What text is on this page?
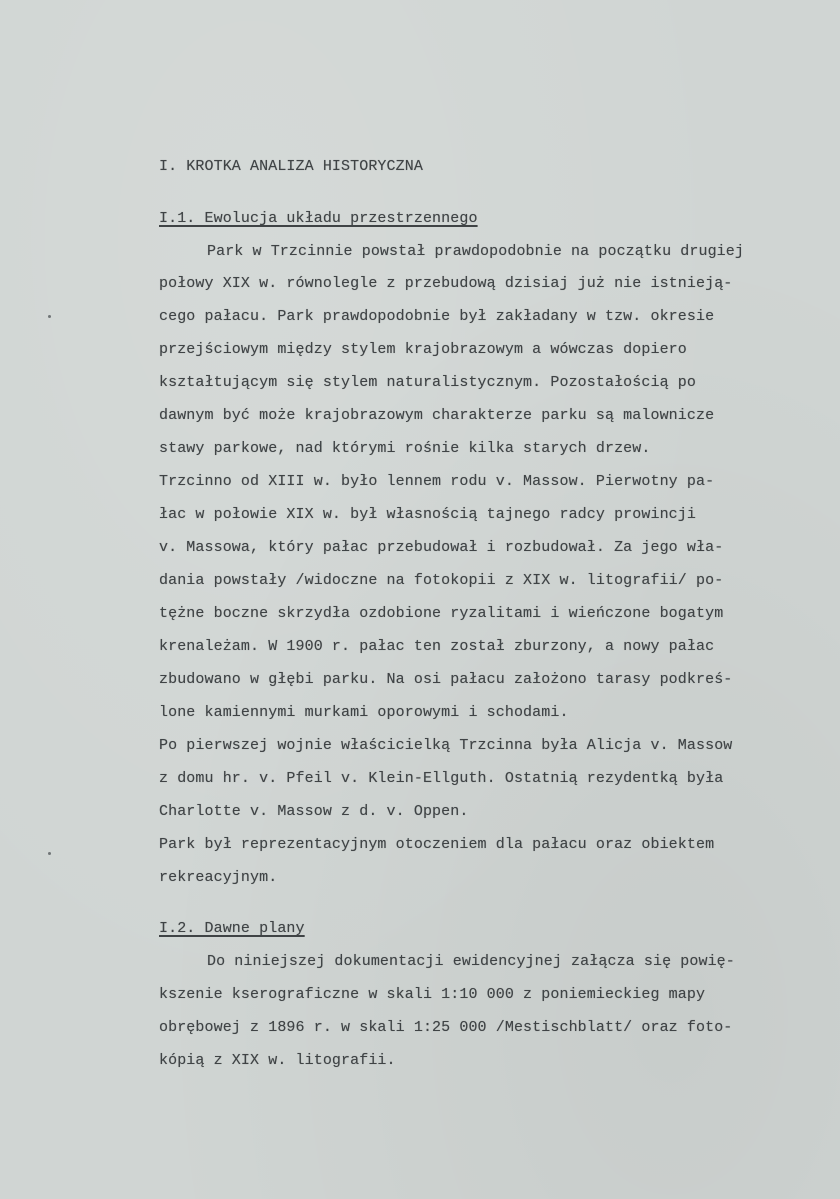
I. KROTKA ANALIZA HISTORYCZNA

I.1. Ewolucja układu przestrzennego

Park w Trzcinnie powstał prawdopodobnie na początku drugiej

połowy XIX w. równolegle z przebudową dzisiaj już nie istnieją-

cego pałacu. Park prawdopodobnie był zakładany w tzw. okresie

przejściowym między stylem krajobrazowym a wówczas dopiero

kształtującym się stylem naturalistycznym. Pozostałością po

dawnym być może krajobrazowym charakterze parku są malownicze

stawy parkowe, nad którymi rośnie kilka starych drzew.

Trzcinno od XIII w. było lennem rodu v. Massow. Pierwotny pa-

łac w połowie XIX w. był własnością tajnego radcy prowincji

v. Massowa, który pałac przebudował i rozbudował. Za jego wła-

dania powstały /widoczne na fotokopii z XIX w. litografii/ po-

tężne boczne skrzydła ozdobione ryzalitami i wieńczone bogatym

krenależam. W 1900 r. pałac ten został zburzony, a nowy pałac

zbudowano w głębi parku. Na osi pałacu założono tarasy podkreś-

lone kamiennymi murkami oporowymi i schodami.

Po pierwszej wojnie właścicielką Trzcinna była Alicja v. Massow

z domu hr. v. Pfeil v. Klein-Ellguth. Ostatnią rezydentką była

Charlotte v. Massow z d. v. Oppen.

Park był reprezentacyjnym otoczeniem dla pałacu oraz obiektem

rekreacyjnym.

I.2. Dawne plany

Do niniejszej dokumentacji ewidencyjnej załącza się powię-

kszenie kserograficzne w skali 1:10 000 z poniemieckieg mapy

obrębowej z 1896 r. w skali 1:25 000 /Mestischblatt/ oraz foto-

kópią z XIX w. litografii.
